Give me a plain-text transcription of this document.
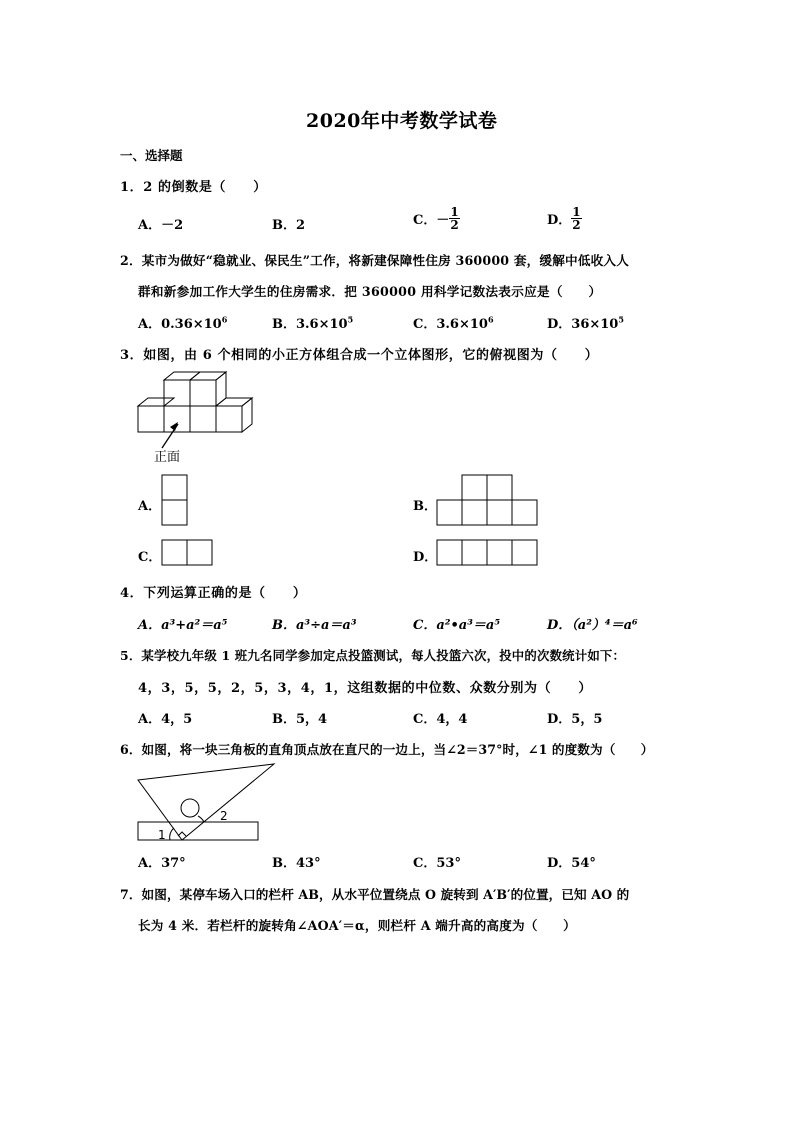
2020年中考数学试卷
一、选择题
1．2 的倒数是（　　）
A．－2	B．2	C．－ $\frac{1}{2}$	D． $\frac{1}{2}$
2．某市为做好“稳就业、保民生”工作，将新建保障性住房 360000 套，缓解中低收入人
群和新参加工作大学生的住房需求．把 360000 用科学记数法表示应是（　　）
A．$0.36\times 10^6$	B．$3.6\times 10^5$	C．$3.6\times 10^6$	D．$36\times 10^5$
3．如图，由 6 个相同的小正方体组合成一个立体图形，它的俯视图为（　　）
正面
A．	B．
C．	D．
4．下列运算正确的是（　　）
A．a³+a²＝a⁵	B．a³÷a＝a³	C．a²•a³＝a⁵	D．（a²）⁴＝a⁶
5．某学校九年级 1 班九名同学参加定点投篮测试，每人投篮六次，投中的次数统计如下：
4，3，5，5，2，5，3，4，1，这组数据的中位数、众数分别为（　　）
A．4，5	B．5，4	C．4，4	D．5，5
6．如图，将一块三角板的直角顶点放在直尺的一边上，当∠2＝37°时，∠1 的度数为（　　）
1
2
A．37°	B．43°	C．53°	D．54°
7．如图，某停车场入口的栏杆 AB，从水平位置绕点 O 旋转到 A′B′的位置，已知 AO 的
长为 4 米．若栏杆的旋转角∠AOA′＝α，则栏杆 A 端升高的高度为（　　）
